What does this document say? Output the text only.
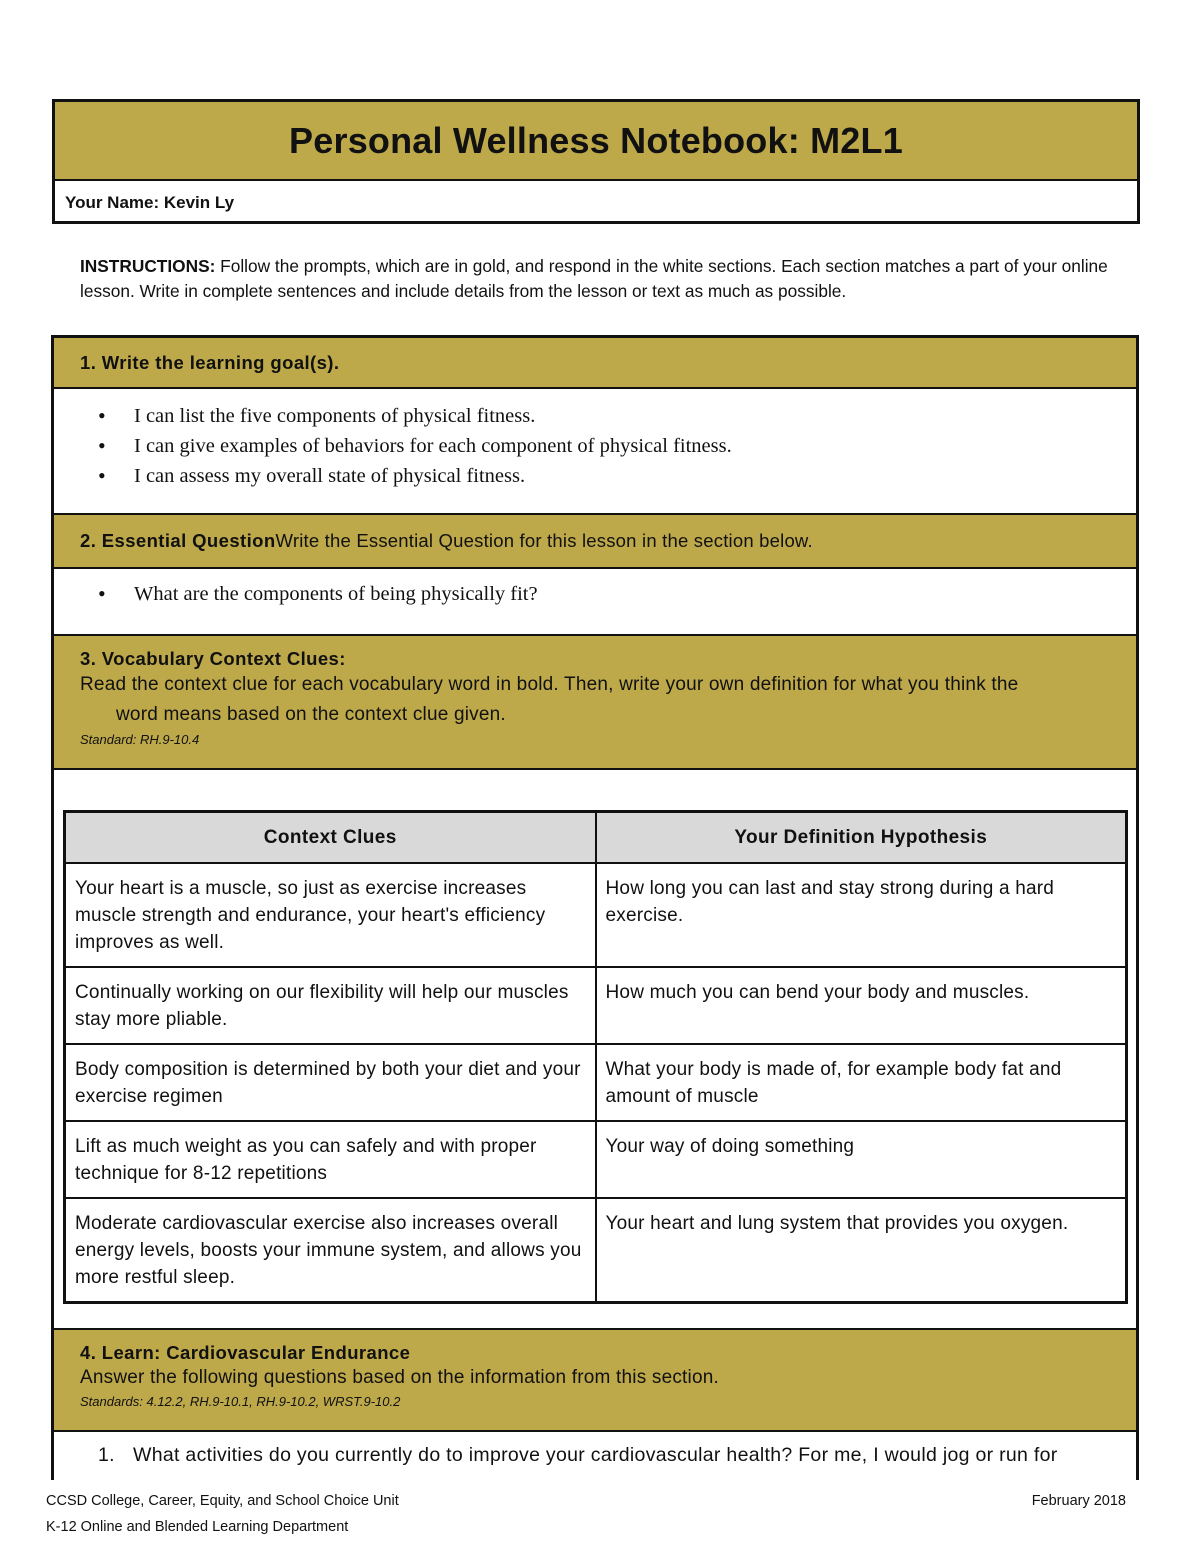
Personal Wellness Notebook: M2L1
Your Name: Kevin Ly
INSTRUCTIONS: Follow the prompts, which are in gold, and respond in the white sections. Each section matches a part of your online lesson. Write in complete sentences and include details from the lesson or text as much as possible.
1. Write the learning goal(s).
• I can list the five components of physical fitness.
• I can give examples of behaviors for each component of physical fitness.
• I can assess my overall state of physical fitness.
2. Essential Question Write the Essential Question for this lesson in the section below.
• What are the components of being physically fit?
3. Vocabulary Context Clues:
Read the context clue for each vocabulary word in bold. Then, write your own definition for what you think the
word means based on the context clue given.
Standard: RH.9-10.4
Context Clues	Your Definition Hypothesis
Your heart is a muscle, so just as exercise increases muscle strength and endurance, your heart's efficiency improves as well.	How long you can last and stay strong during a hard exercise.
Continually working on our flexibility will help our muscles stay more pliable.	How much you can bend your body and muscles.
Body composition is determined by both your diet and your exercise regimen	What your body is made of, for example body fat and amount of muscle
Lift as much weight as you can safely and with proper technique for 8-12 repetitions	Your way of doing something
Moderate cardiovascular exercise also increases overall energy levels, boosts your immune system, and allows you more restful sleep.	Your heart and lung system that provides you oxygen.
4. Learn: Cardiovascular Endurance
Answer the following questions based on the information from this section.
Standards: 4.12.2, RH.9-10.1, RH.9-10.2, WRST.9-10.2
1. What activities do you currently do to improve your cardiovascular health? For me, I would jog or run for
CCSD College, Career, Equity, and School Choice Unit
K-12 Online and Blended Learning Department
February 2018
